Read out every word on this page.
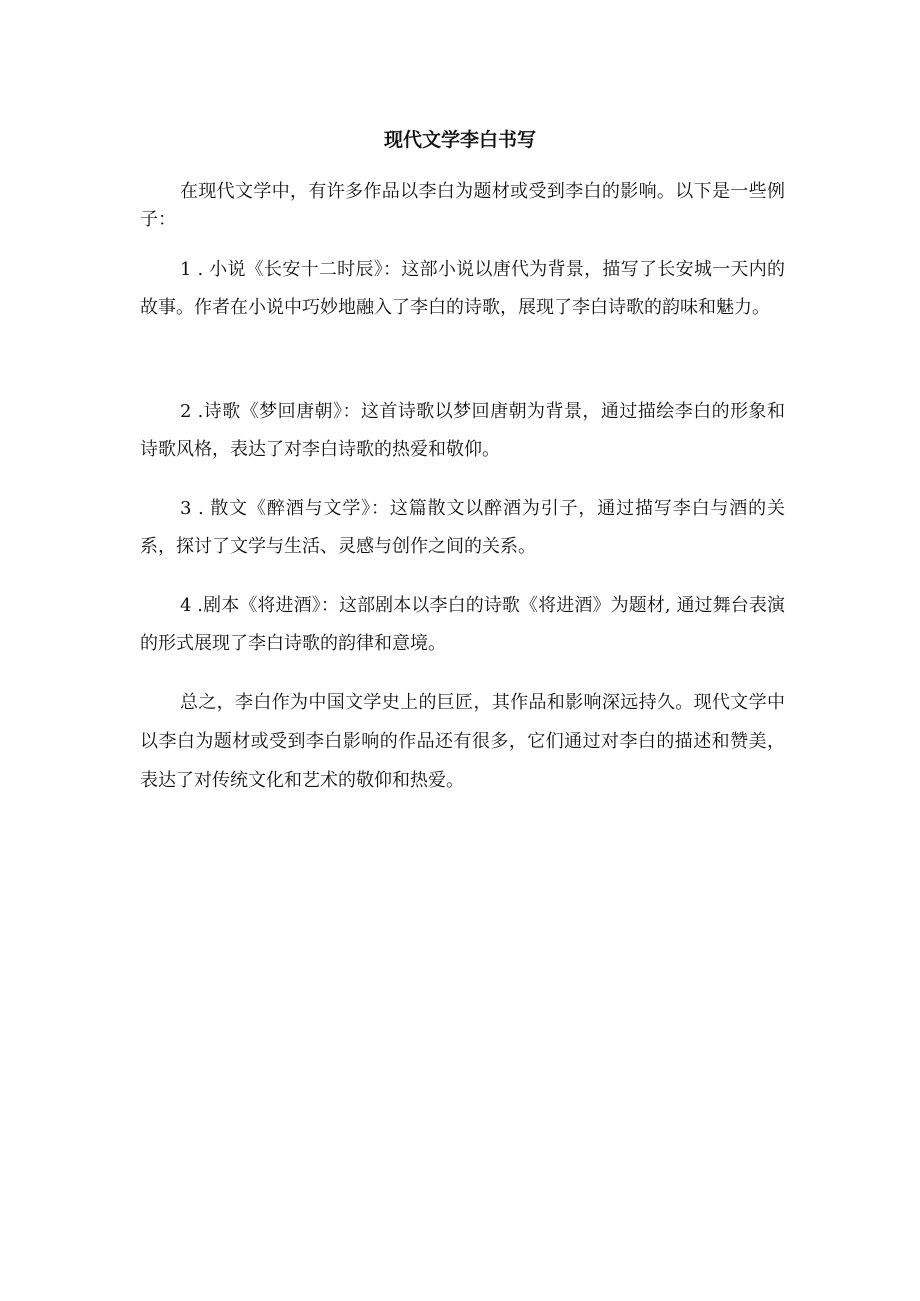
现代文学李白书写

在现代文学中，有许多作品以李白为题材或受到李白的影响。以下是一些例子：

1 . 小说《长安十二时辰》：这部小说以唐代为背景，描写了长安城一天内的故事。作者在小说中巧妙地融入了李白的诗歌，展现了李白诗歌的韵味和魅力。

2 .诗歌《梦回唐朝》：这首诗歌以梦回唐朝为背景，通过描绘李白的形象和诗歌风格，表达了对李白诗歌的热爱和敬仰。

3 . 散文《醉酒与文学》：这篇散文以醉酒为引子，通过描写李白与酒的关系，探讨了文学与生活、灵感与创作之间的关系。

4 .剧本《将进酒》：这部剧本以李白的诗歌《将进酒》为题材, 通过舞台表演的形式展现了李白诗歌的韵律和意境。

总之，李白作为中国文学史上的巨匠，其作品和影响深远持久。现代文学中以李白为题材或受到李白影响的作品还有很多，它们通过对李白的描述和赞美，表达了对传统文化和艺术的敬仰和热爱。
